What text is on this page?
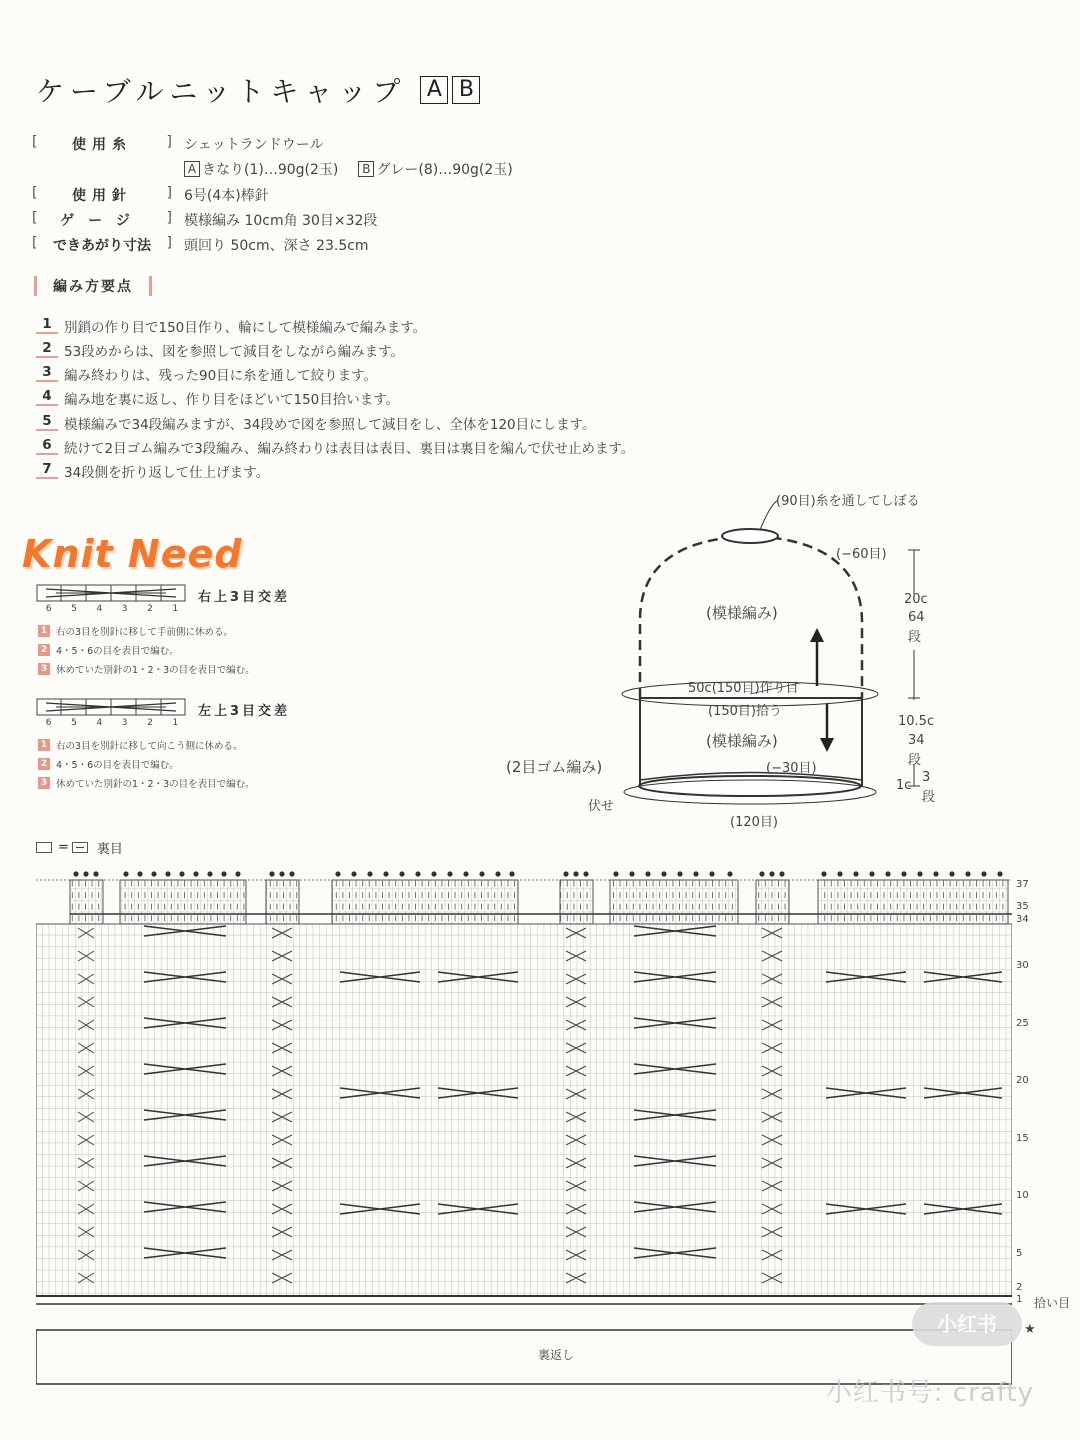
ケーブルニットキャップ A B
[ 使用糸 ] シェットランドウール
A きなり(1)…90g(2玉)	B グレー(8)…90g(2玉)
[ 使用針 ] 6号(4本)棒針
[ ゲージ ] 模様編み 10cm角 30目×32段
[ できあがり寸法 ] 頭回り 50cm、深さ 23.5cm
編み方要点
1 別鎖の作り目で150目作り、輪にして模様編みで編みます。
2 53段めからは、図を参照して減目をしながら編みます。
3 編み終わりは、残った90目に糸を通して絞ります。
4 編み地を裏に返し、作り目をほどいて150目拾います。
5 模様編みで34段編みますが、34段めで図を参照して減目をし、全体を120目にします。
6 続けて2目ゴム編みで3段編み、編み終わりは表目は表目、裏目は裏目を編んで伏せ止めます。
7 34段側を折り返して仕上げます。
Knit Need
6 5 4 3 2 1
右上3目交差
1 右の3目を別針に移して手前側に休める。
2 4・5・6の目を表目で編む。
3 休めていた別針の1・2・3の目を表目で編む。
6 5 4 3 2 1
左上3目交差
1 右の3目を別針に移して向こう側に休める。
2 4・5・6の目を表目で編む。
3 休めていた別針の1・2・3の目を表目で編む。
(90目)糸を通してしぼる
(−60目)
(模様編み)
50c(150目)作り目
(150目)拾う
(模様編み)
(2目ゴム編み)	(−30目)
伏せ
(120目)
20c
64
段
10.5c
34
段
1c
3
段
= 裏目
37
35
34
30
25
20
15
10
5
2
1 拾い目
裏返し
★
小红书
小红书号: crafty
